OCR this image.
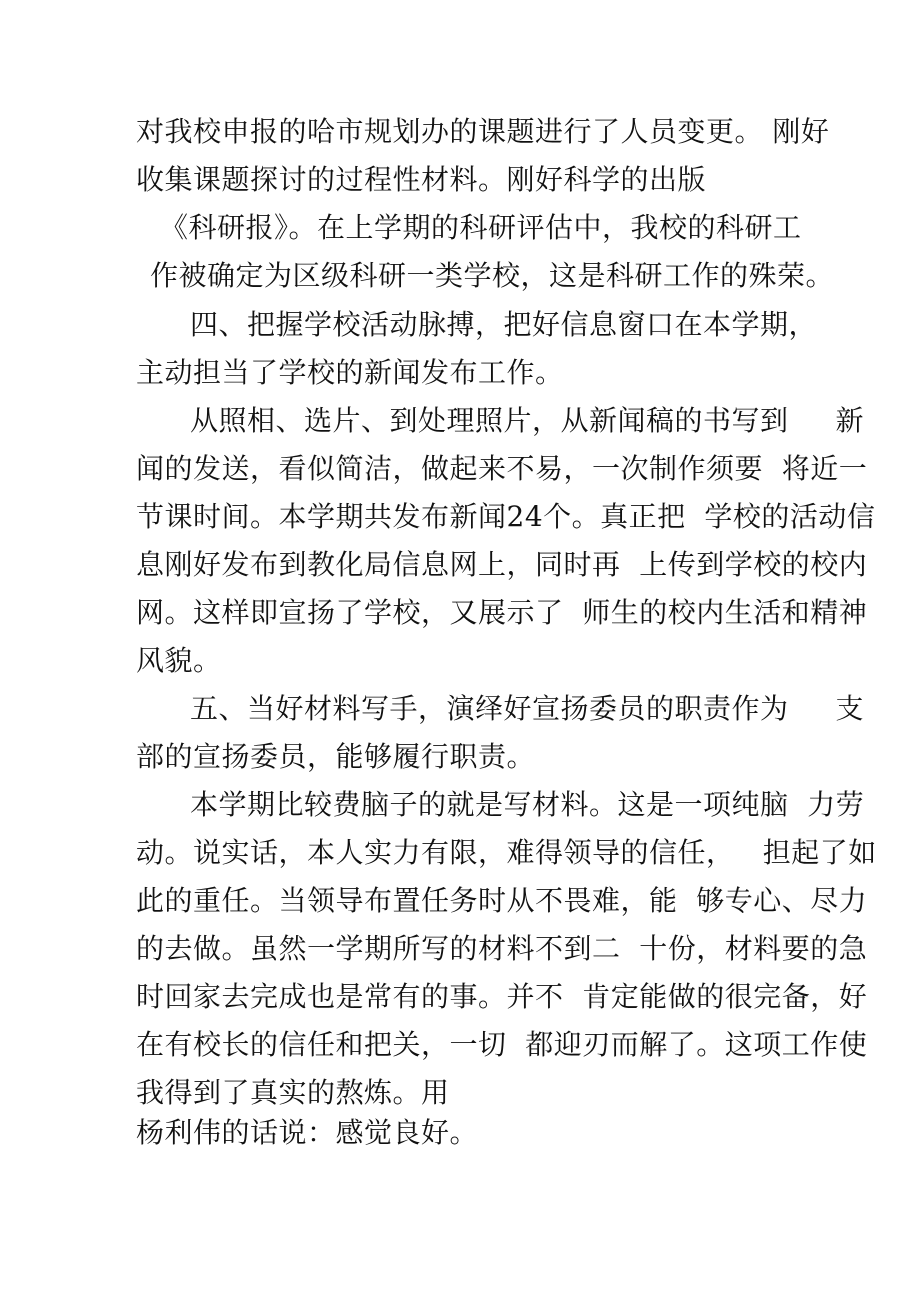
对我校申报的哈市规划办的课题进行了人员变更。 刚好
收集课题探讨的过程性材料。刚好科学的出版
《科研报》。在上学期的科研评估中，我校的科研工
作被确定为区级科研一类学校，这是科研工作的殊荣。
四、把握学校活动脉搏，把好信息窗口在本学期，
主动担当了学校的新闻发布工作。
从照相、选片、到处理照片，从新闻稿的书写到     新
闻的发送，看似简洁，做起来不易，一次制作须要  将近一
节课时间。本学期共发布新闻24个。真正把  学校的活动信
息刚好发布到教化局信息网上，同时再  上传到学校的校内
网。这样即宣扬了学校，又展示了  师生的校内生活和精神
风貌。
五、当好材料写手，演绎好宣扬委员的职责作为     支
部的宣扬委员，能够履行职责。
本学期比较费脑子的就是写材料。这是一项纯脑  力劳
动。说实话，本人实力有限，难得领导的信任，   担起了如
此的重任。当领导布置任务时从不畏难，能  够专心、尽力
的去做。虽然一学期所写的材料不到二  十份，材料要的急
时回家去完成也是常有的事。并不  肯定能做的很完备，好
在有校长的信任和把关，一切  都迎刃而解了。这项工作使
我得到了真实的熬炼。用
杨利伟的话说：感觉良好。
